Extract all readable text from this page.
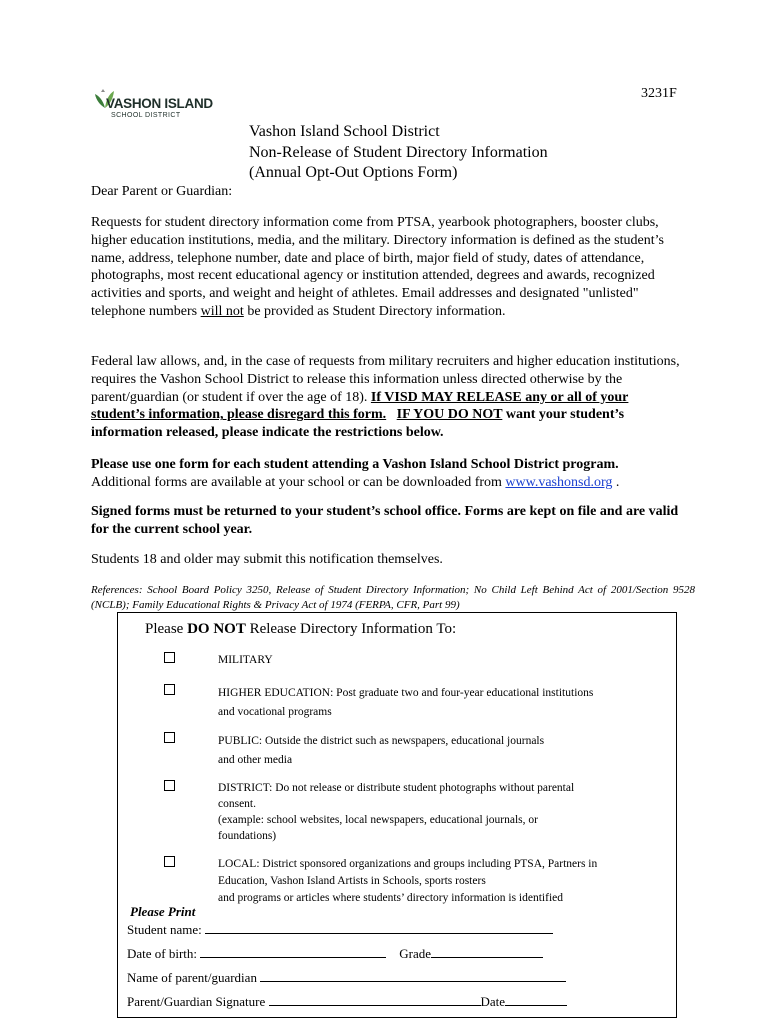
3231F
VASHON ISLAND
SCHOOL DISTRICT
Vashon Island School District
Non-Release of Student Directory Information
(Annual Opt-Out Options Form)
Dear Parent or Guardian:
Requests for student directory information come from PTSA, yearbook photographers, booster clubs, higher education institutions, media, and the military. Directory information is defined as the student’s name, address, telephone number, date and place of birth, major field of study, dates of attendance, photographs, most recent educational agency or institution attended, degrees and awards, recognized activities and sports, and weight and height of athletes. Email addresses and designated "unlisted" telephone numbers will not be provided as Student Directory information.
Federal law allows, and, in the case of requests from military recruiters and higher education institutions, requires the Vashon School District to release this information unless directed otherwise by the parent/guardian (or student if over the age of 18). If VISD MAY RELEASE any or all of your student’s information, please disregard this form. IF YOU DO NOT want your student’s information released, please indicate the restrictions below.
Please use one form for each student attending a Vashon Island School District program. Additional forms are available at your school or can be downloaded from www.vashonsd.org .
Signed forms must be returned to your student’s school office. Forms are kept on file and are valid for the current school year.
Students 18 and older may submit this notification themselves.
References: School Board Policy 3250, Release of Student Directory Information; No Child Left Behind Act of 2001/Section 9528 (NCLB); Family Educational Rights & Privacy Act of 1974 (FERPA, CFR, Part 99)
Please DO NOT Release Directory Information To:
MILITARY
HIGHER EDUCATION: Post graduate two and four-year educational institutions
and vocational programs
PUBLIC: Outside the district such as newspapers, educational journals
and other media
DISTRICT: Do not release or distribute student photographs without parental
consent.
(example: school websites, local newspapers, educational journals, or
foundations)
LOCAL: District sponsored organizations and groups including PTSA, Partners in
Education, Vashon Island Artists in Schools, sports rosters
and programs or articles where students’ directory information is identified
Please Print
Student name:
Date of birth:	Grade
Name of parent/guardian
Parent/Guardian Signature	Date
